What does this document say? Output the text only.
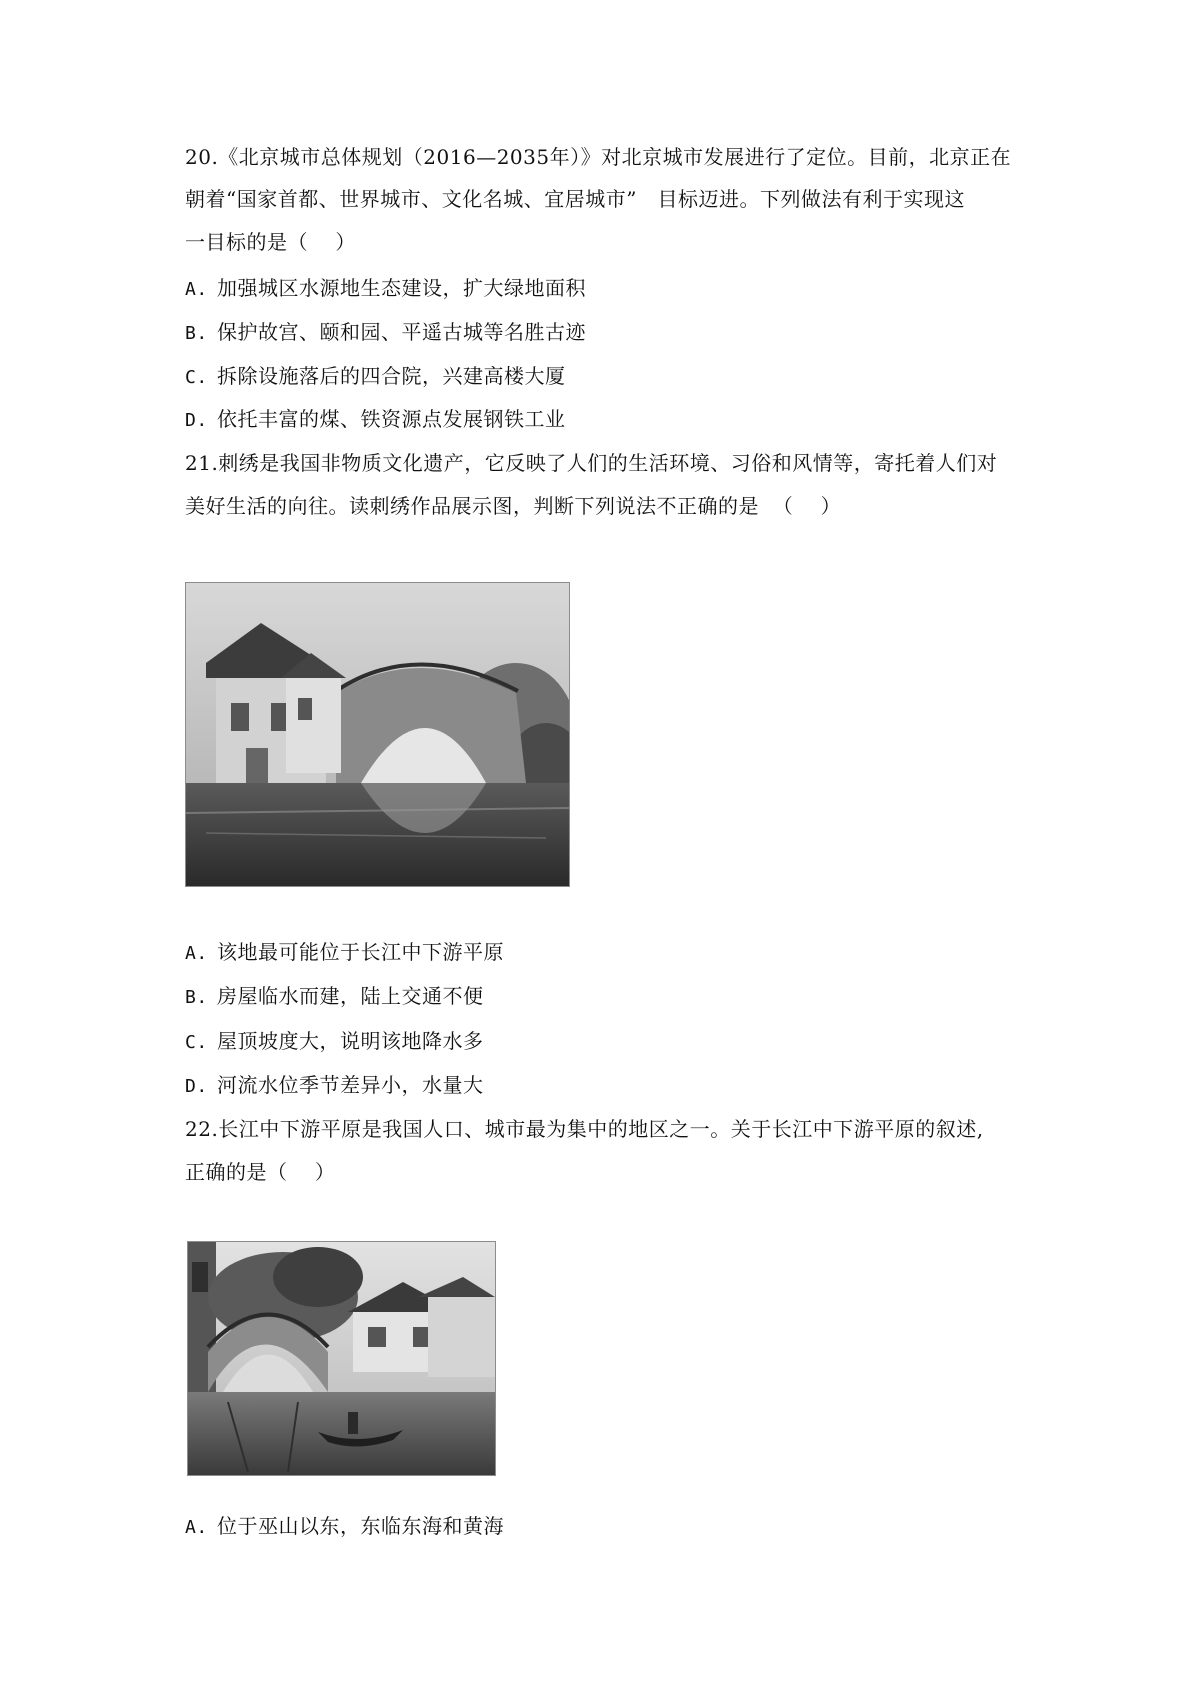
20.《北京城市总体规划（2016—2035年）》对北京城市发展进行了定位。目前，北京正在
朝着“国家首都、世界城市、文化名城、宜居城市”   目标迈进。下列做法有利于实现这
一目标的是（    ）
A. 加强城区水源地生态建设，扩大绿地面积
B. 保护故宫、颐和园、平遥古城等名胜古迹
C. 拆除设施落后的四合院，兴建高楼大厦
D. 依托丰富的煤、铁资源点发展钢铁工业
21.刺绣是我国非物质文化遗产，它反映了人们的生活环境、习俗和风情等，寄托着人们对
美好生活的向往。读刺绣作品展示图，判断下列说法不正确的是  （    ）
A. 该地最可能位于长江中下游平原
B. 房屋临水而建，陆上交通不便
C. 屋顶坡度大，说明该地降水多
D. 河流水位季节差异小，水量大
22.长江中下游平原是我国人口、城市最为集中的地区之一。关于长江中下游平原的叙述,
正确的是（    ）
A. 位于巫山以东，东临东海和黄海
